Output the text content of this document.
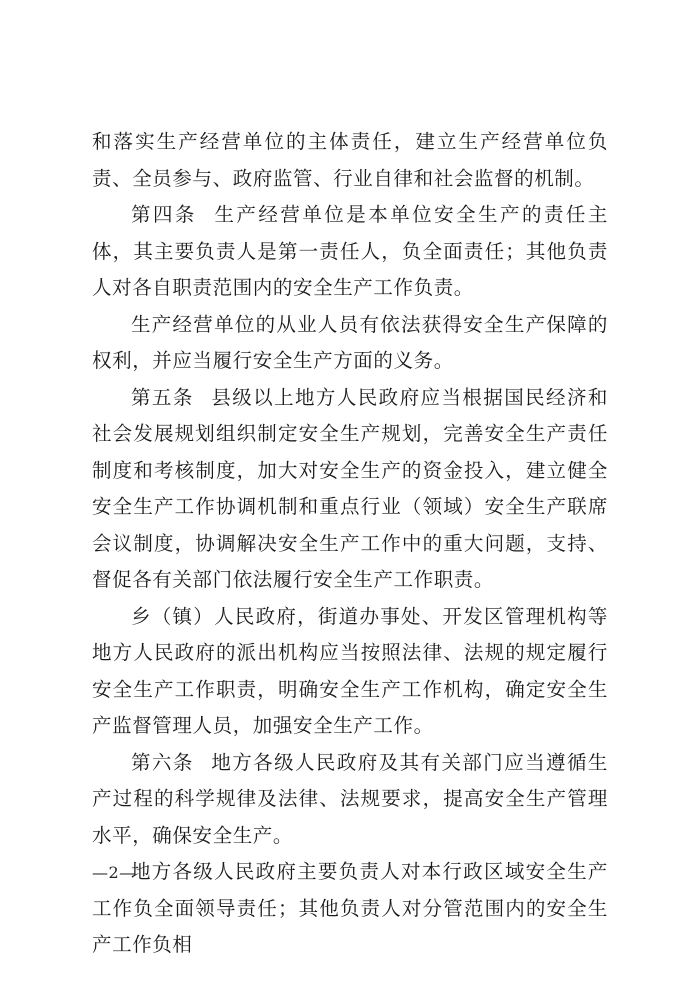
和落实生产经营单位的主体责任，建立生产经营单位负责、全员参与、政府监管、行业自律和社会监督的机制。

第四条 生产经营单位是本单位安全生产的责任主体，其主要负责人是第一责任人，负全面责任；其他负责人对各自职责范围内的安全生产工作负责。

生产经营单位的从业人员有依法获得安全生产保障的权利，并应当履行安全生产方面的义务。

第五条 县级以上地方人民政府应当根据国民经济和社会发展规划组织制定安全生产规划，完善安全生产责任制度和考核制度，加大对安全生产的资金投入，建立健全安全生产工作协调机制和重点行业（领域）安全生产联席会议制度，协调解决安全生产工作中的重大问题，支持、督促各有关部门依法履行安全生产工作职责。

乡（镇）人民政府，街道办事处、开发区管理机构等地方人民政府的派出机构应当按照法律、法规的规定履行安全生产工作职责，明确安全生产工作机构，确定安全生产监督管理人员，加强安全生产工作。

第六条 地方各级人民政府及其有关部门应当遵循生产过程的科学规律及法律、法规要求，提高安全生产管理水平，确保安全生产。

地方各级人民政府主要负责人对本行政区域安全生产工作负全面领导责任；其他负责人对分管范围内的安全生产工作负相

—2—
